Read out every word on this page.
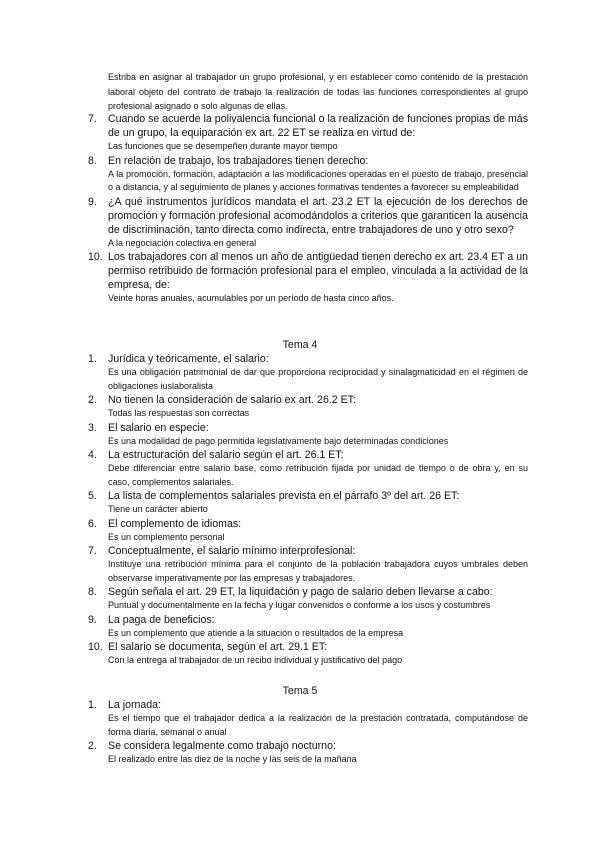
Estriba en asignar al trabajador un grupo profesional, y en establecer como contenido de la prestación laboral objeto del contrato de trabajo la realización de todas las funciones correspondientes al grupo profesional asignado o solo algunas de ellas.
7. Cuando se acuerde la polivalencia funcional o la realización de funciones propias de más de un grupo, la equiparación ex art. 22 ET se realiza en virtud de:
Las funciones que se desempeñen durante mayor tiempo
8. En relación de trabajo, los trabajadores tienen derecho:
A la promoción, formación, adaptación a las modificaciones operadas en el puesto de trabajo, presencial o a distancia, y al seguimiento de planes y acciones formativas tendentes a favorecer su empleabilidad
9. ¿A qué instrumentos jurídicos mandata el art. 23.2 ET la ejecución de los derechos de promoción y formación profesional acomodándolos a criterios que garanticen la ausencia de discriminación, tanto directa como indirecta, entre trabajadores de uno y otro sexo?
A la negociación colectiva en general
10. Los trabajadores con al menos un año de antigüedad tienen derecho ex art. 23.4 ET a un permiso retribuido de formación profesional para el empleo, vinculada a la actividad de la empresa, de:
Veinte horas anuales, acumulables por un período de hasta cinco años.
Tema 4
1. Jurídica y teóricamente, el salario:
Es una obligación patrimonial de dar que proporciona reciprocidad y sinalagmaticidad en el régimen de obligaciones iuslaboralista
2. No tienen la consideración de salario ex art. 26.2 ET:
Todas las respuestas son correctas
3. El salario en especie:
Es una modalidad de pago permitida legislativamente bajo determinadas condiciones
4. La estructuración del salario según el art. 26.1 ET:
Debe diferenciar entre salario base, como retribución fijada por unidad de tiempo o de obra y, en su caso, complementos salariales.
5. La lista de complementos salariales prevista en el párrafo 3º del art. 26 ET:
Tiene un carácter abierto
6. El complemento de idiomas:
Es un complemento personal
7. Conceptualmente, el salario mínimo interprofesional:
Instituye una retribución mínima para el conjunto de la población trabajadora cuyos umbrales deben observarse imperativamente por las empresas y trabajadores.
8. Según señala el art. 29 ET, la liquidación y pago de salario deben llevarse a cabo:
Puntual y documentalmente en la fecha y lugar convenidos o conforme a los usos y costumbres
9. La paga de beneficios:
Es un complemento que atiende a la situación o resultados de la empresa
10. El salario se documenta, según el art. 29.1 ET:
Con la entrega al trabajador de un recibo individual y justificativo del pago
Tema 5
1. La jornada:
Es el tiempo que el trabajador dedica a la realización de la prestación contratada, computándose de forma diaria, semanal o anual
2. Se considera legalmente como trabajo nocturno:
El realizado entre las diez de la noche y las seis de la mañana
